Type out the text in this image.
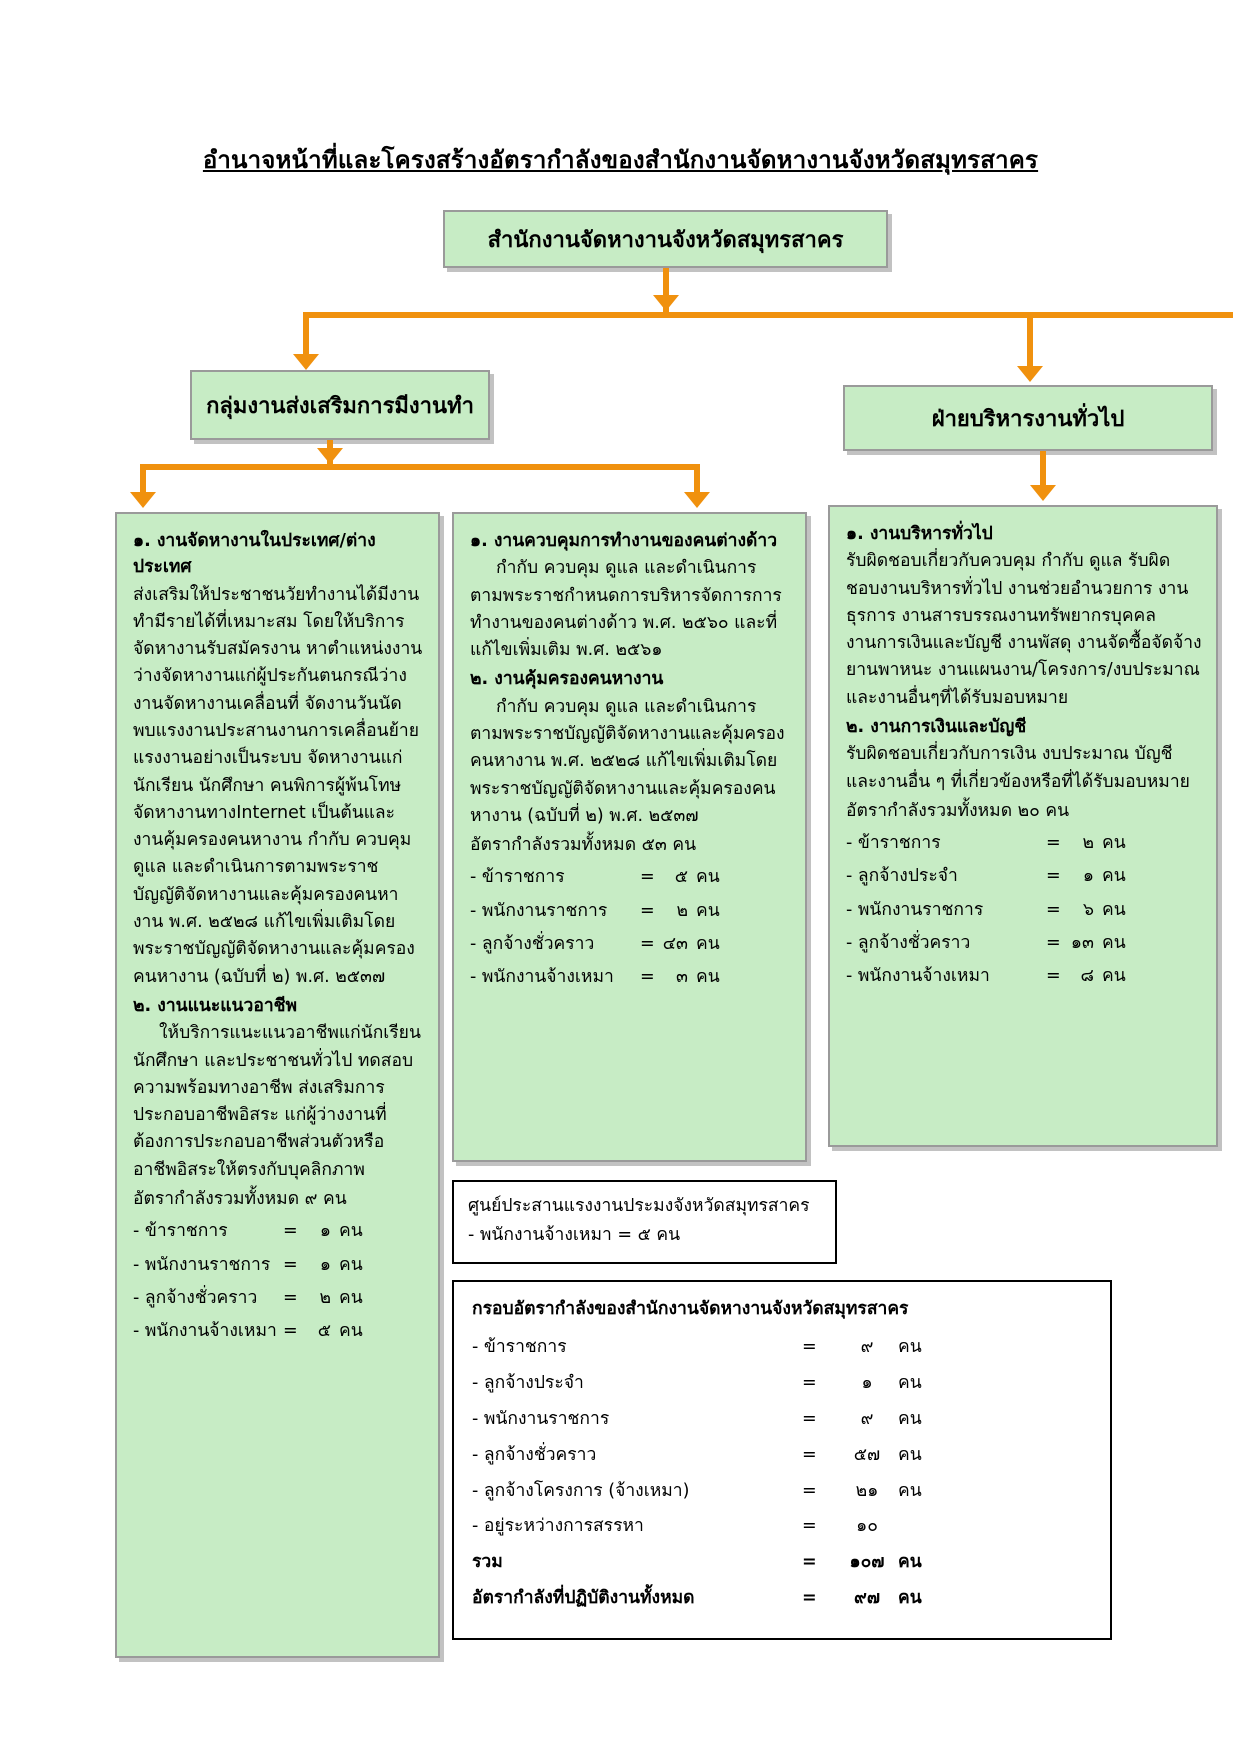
อำนาจหน้าที่และโครงสร้างอัตรากำลังของสำนักงานจัดหางานจังหวัดสมุทรสาคร
สำนักงานจัดหางานจังหวัดสมุทรสาคร
กลุ่มงานส่งเสริมการมีงานทำ
ฝ่ายบริหารงานทั่วไป
๑. งานจัดหางานในประเทศ/ต่างประเทศ

ส่งเสริมให้ประชาชนวัยทำงานได้มีงานทำมีรายได้ที่เหมาะสม โดยให้บริการจัดหางานรับสมัครงาน หาตำแหน่งงานว่างจัดหางานแก่ผู้ประกันตนกรณีว่างงานจัดหางานเคลื่อนที่ จัดงานวันนัดพบแรงงานประสานงานการเคลื่อนย้ายแรงงานอย่างเป็นระบบ จัดหางานแก่นักเรียน นักศึกษา คนพิการผู้พ้นโทษ จัดหางานทางInternet เป็นต้นและงานคุ้มครองคนหางาน กำกับ ควบคุม ดูแล และดำเนินการตามพระราชบัญญัติจัดหางานและคุ้มครองคนหางาน พ.ศ. ๒๕๒๘ แก้ไขเพิ่มเติมโดยพระราชบัญญัติจัดหางานและคุ้มครองคนหางาน (ฉบับที่ ๒) พ.ศ. ๒๕๓๗

๒. งานแนะแนวอาชีพ

ให้บริการแนะแนวอาชีพแก่นักเรียน นักศึกษา และประชาชนทั่วไป ทดสอบความพร้อมทางอาชีพ ส่งเสริมการประกอบอาชีพอิสระ แก่ผู้ว่างงานที่ต้องการประกอบอาชีพส่วนตัวหรืออาชีพอิสระให้ตรงกับบุคลิกภาพ

อัตรากำลังรวมทั้งหมด ๙ คน

- ข้าราชการ	=	๑ คน
- พนักงานราชการ =	๑ คน
- ลูกจ้างชั่วคราว	=	๒ คน
- พนักงานจ้างเหมา =	๕ คน
๑. งานควบคุมการทำงานของคนต่างด้าว

กำกับ ควบคุม ดูแล และดำเนินการตามพระราชกำหนดการบริหารจัดการการทำงานของคนต่างด้าว พ.ศ. ๒๕๖๐ และที่แก้ไขเพิ่มเติม พ.ศ. ๒๕๖๑

๒. งานคุ้มครองคนหางาน

กำกับ ควบคุม ดูแล และดำเนินการตามพระราชบัญญัติจัดหางานและคุ้มครองคนหางาน พ.ศ. ๒๕๒๘ แก้ไขเพิ่มเติมโดยพระราชบัญญัติจัดหางานและคุ้มครองคนหางาน (ฉบับที่ ๒) พ.ศ. ๒๕๓๗

อัตรากำลังรวมทั้งหมด ๕๓ คน

- ข้าราชการ	=	๕ คน
- พนักงานราชการ	=	๒ คน
- ลูกจ้างชั่วคราว	= ๔๓ คน
- พนักงานจ้างเหมา	=	๓ คน
๑. งานบริหารทั่วไป

รับผิดชอบเกี่ยวกับควบคุม กำกับ ดูแล รับผิดชอบงานบริหารทั่วไป งานช่วยอำนวยการ งานธุรการ งานสารบรรณงานทรัพยากรบุคคล งานการเงินและบัญชี งานพัสดุ งานจัดซื้อจัดจ้าง ยานพาหนะ งานแผนงาน/โครงการ/งบประมาณ และงานอื่นๆที่ได้รับมอบหมาย

๒. งานการเงินและบัญชี

รับผิดชอบเกี่ยวกับการเงิน งบประมาณ บัญชี และงานอื่น ๆ ที่เกี่ยวข้องหรือที่ได้รับมอบหมาย

อัตรากำลังรวมทั้งหมด ๒๐ คน

- ข้าราชการ	=	๒ คน
- ลูกจ้างประจำ	=	๑ คน
- พนักงานราชการ	=	๖ คน
- ลูกจ้างชั่วคราว	= ๑๓ คน
- พนักงานจ้างเหมา	=	๘ คน
ศูนย์ประสานแรงงานประมงจังหวัดสมุทรสาคร
- พนักงานจ้างเหมา = ๕ คน
กรอบอัตรากำลังของสำนักงานจัดหางานจังหวัดสมุทรสาคร
- ข้าราชการ	=	๙	คน
- ลูกจ้างประจำ	=	๑	คน
- พนักงานราชการ	=	๙	คน
- ลูกจ้างชั่วคราว	=	๕๗	คน
- ลูกจ้างโครงการ (จ้างเหมา)	=	๒๑	คน
- อยู่ระหว่างการสรรหา	=	๑๐
รวม	=	๑๐๗ คน
อัตรากำลังที่ปฏิบัติงานทั้งหมด	=	๙๗	คน
